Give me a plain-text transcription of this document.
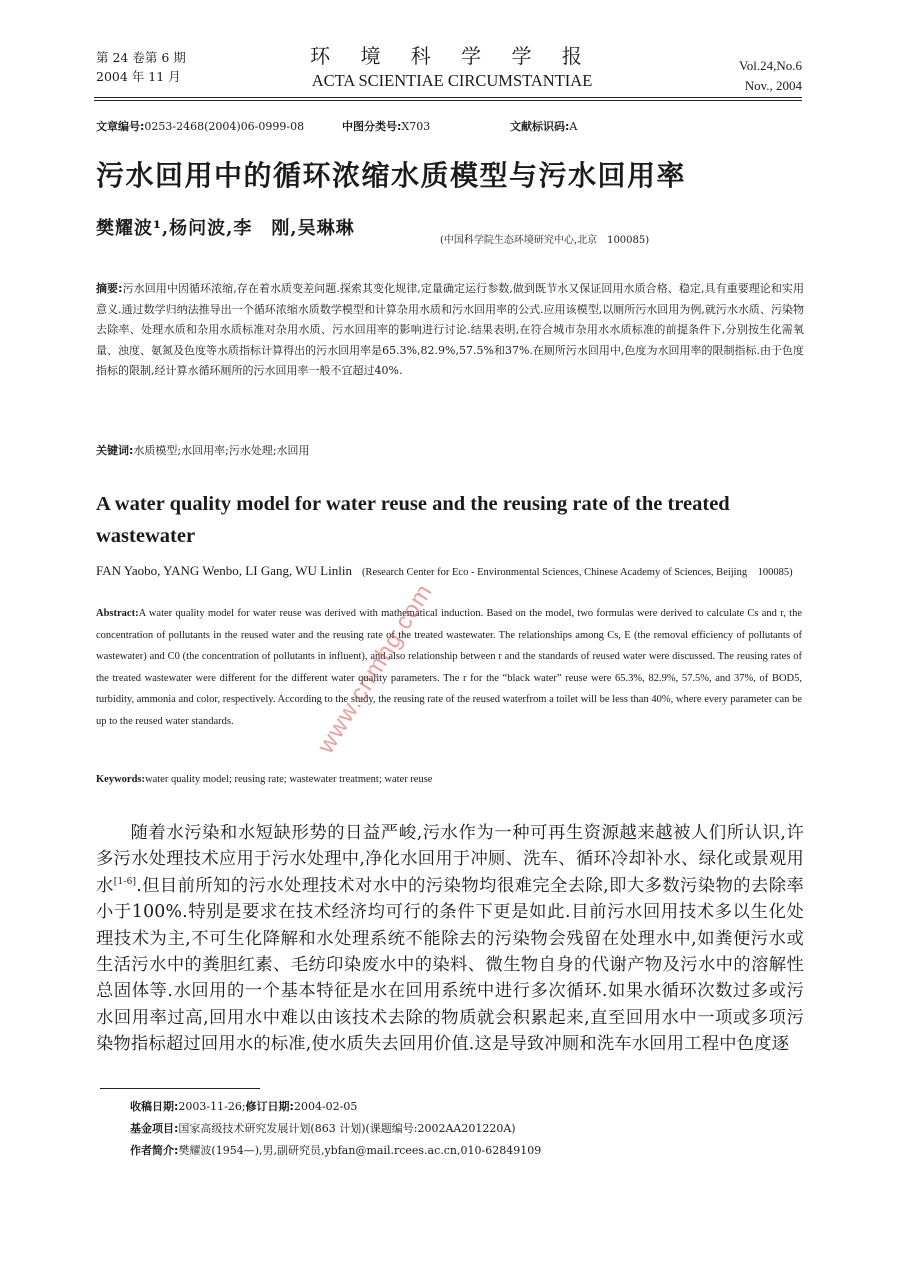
第 24 卷第 6 期
2004 年 11 月
环 境 科 学 学 报
ACTA SCIENTIAE CIRCUMSTANTIAE
Vol.24,No.6
Nov., 2004
文章编号:0253-2468(2004)06-0999-08	中图分类号:X703	文献标识码:A
污水回用中的循环浓缩水质模型与污水回用率
樊耀波¹,杨问波,李　刚,吴琳琳
(中国科学院生态环境研究中心,北京　100085)
摘要:污水回用中因循环浓缩,存在着水质变差问题.探索其变化规律,定量确定运行参数,做到既节水又保证回用水质合格、稳定,具有重要理论和实用意义.通过数学归纳法推导出一个循环浓缩水质数学模型和计算杂用水质和污水回用率的公式.应用该模型,以厕所污水回用为例,就污水水质、污染物去除率、处理水质和杂用水质标准对杂用水质、污水回用率的影响进行讨论.结果表明,在符合城市杂用水水质标准的前提条件下,分别按生化需氧量、浊度、氨氮及色度等水质指标计算得出的污水回用率是65.3%,82.9%,57.5%和37%.在厕所污水回用中,色度为水回用率的限制指标.由于色度指标的限制,经计算水循环厕所的污水回用率一般不宜超过40%.
关键词:水质模型;水回用率;污水处理;水回用
A water quality model for water reuse and the reusing rate of the treated wastewater
FAN Yaobo, YANG Wenbo, LI Gang, WU Linlin (Research Center for Eco - Environmental Sciences, Chinese Academy of Sciences, Beijing　100085)
Abstract:A water quality model for water reuse was derived with mathematical induction. Based on the model, two formulas were derived to calculate Cs and r, the concentration of pollutants in the reused water and the reusing rate of the treated wastewater. The relationships among Cs, E (the removal efficiency of pollutants of wastewater) and C0 (the concentration of pollutants in influent), and also relationship between r and the standards of reused water were discussed. The reusing rates of the treated wastewater were different for the different water quality parameters. The r for the “black water” reuse were 65.3%, 82.9%, 57.5%, and 37%, of BOD5, turbidity, ammonia and color, respectively. According to the study, the reusing rate of the reused waterfrom a toilet will be less than 40%, where every parameter can be up to the reused water standards.
Keywords:water quality model; reusing rate; wastewater treatment; water reuse
随着水污染和水短缺形势的日益严峻,污水作为一种可再生资源越来越被人们所认识,许多污水处理技术应用于污水处理中,净化水回用于冲厕、洗车、循环冷却补水、绿化或景观用水[1-6].但目前所知的污水处理技术对水中的污染物均很难完全去除,即大多数污染物的去除率小于100%.特别是要求在技术经济均可行的条件下更是如此.目前污水回用技术多以生化处理技术为主,不可生化降解和水处理系统不能除去的污染物会残留在处理水中,如粪便污水或生活污水中的粪胆红素、毛纺印染废水中的染料、微生物自身的代谢产物及污水中的溶解性总固体等.水回用的一个基本特征是水在回用系统中进行多次循环.如果水循环次数过多或污水回用率过高,回用水中难以由该技术去除的物质就会积累起来,直至回用水中一项或多项污染物指标超过回用水的标准,使水质失去回用价值.这是导致冲厕和洗车水回用工程中色度逐
收稿日期:2003-11-26;修订日期:2004-02-05
基金项目:国家高级技术研究发展计划(863 计划)(课题编号:2002AA201220A)
作者简介:樊耀波(1954—),男,副研究员,ybfan@mail.rcees.ac.cn,010-62849109
www.cnmhg.com
